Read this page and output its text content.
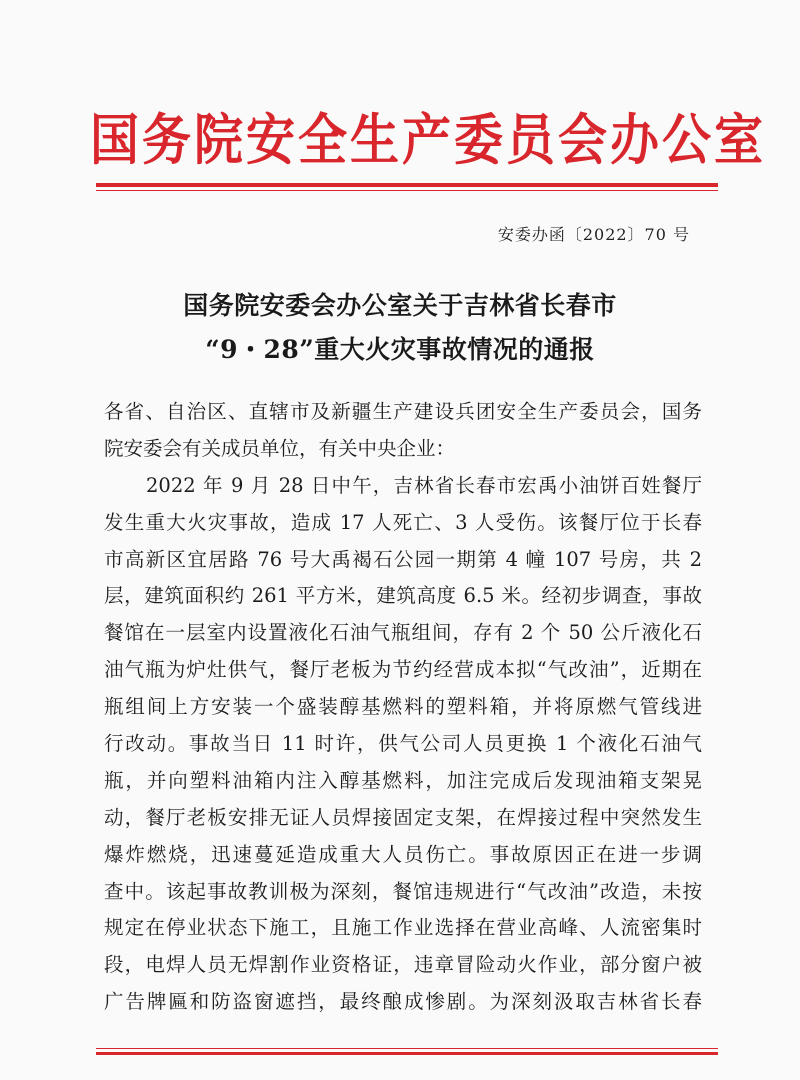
国务院安全生产委员会办公室
安委办函〔2022〕70 号
国务院安委会办公室关于吉林省长春市
“9・28”重大火灾事故情况的通报
各省、自治区、直辖市及新疆生产建设兵团安全生产委员会，国务
院安委会有关成员单位，有关中央企业：
2022 年 9 月 28 日中午，吉林省长春市宏禹小油饼百姓餐厅
发生重大火灾事故，造成 17 人死亡、3 人受伤。该餐厅位于长春
市高新区宜居路 76 号大禹褐石公园一期第 4 幢 107 号房，共 2
层，建筑面积约 261 平方米，建筑高度 6.5 米。经初步调查，事故
餐馆在一层室内设置液化石油气瓶组间，存有 2 个 50 公斤液化石
油气瓶为炉灶供气，餐厅老板为节约经营成本拟“气改油”，近期在
瓶组间上方安装一个盛装醇基燃料的塑料箱，并将原燃气管线进
行改动。事故当日 11 时许，供气公司人员更换 1 个液化石油气
瓶，并向塑料油箱内注入醇基燃料，加注完成后发现油箱支架晃
动，餐厅老板安排无证人员焊接固定支架，在焊接过程中突然发生
爆炸燃烧，迅速蔓延造成重大人员伤亡。事故原因正在进一步调
查中。该起事故教训极为深刻，餐馆违规进行“气改油”改造，未按
规定在停业状态下施工，且施工作业选择在营业高峰、人流密集时
段，电焊人员无焊割作业资格证，违章冒险动火作业，部分窗户被
广告牌匾和防盗窗遮挡，最终酿成惨剧。为深刻汲取吉林省长春
